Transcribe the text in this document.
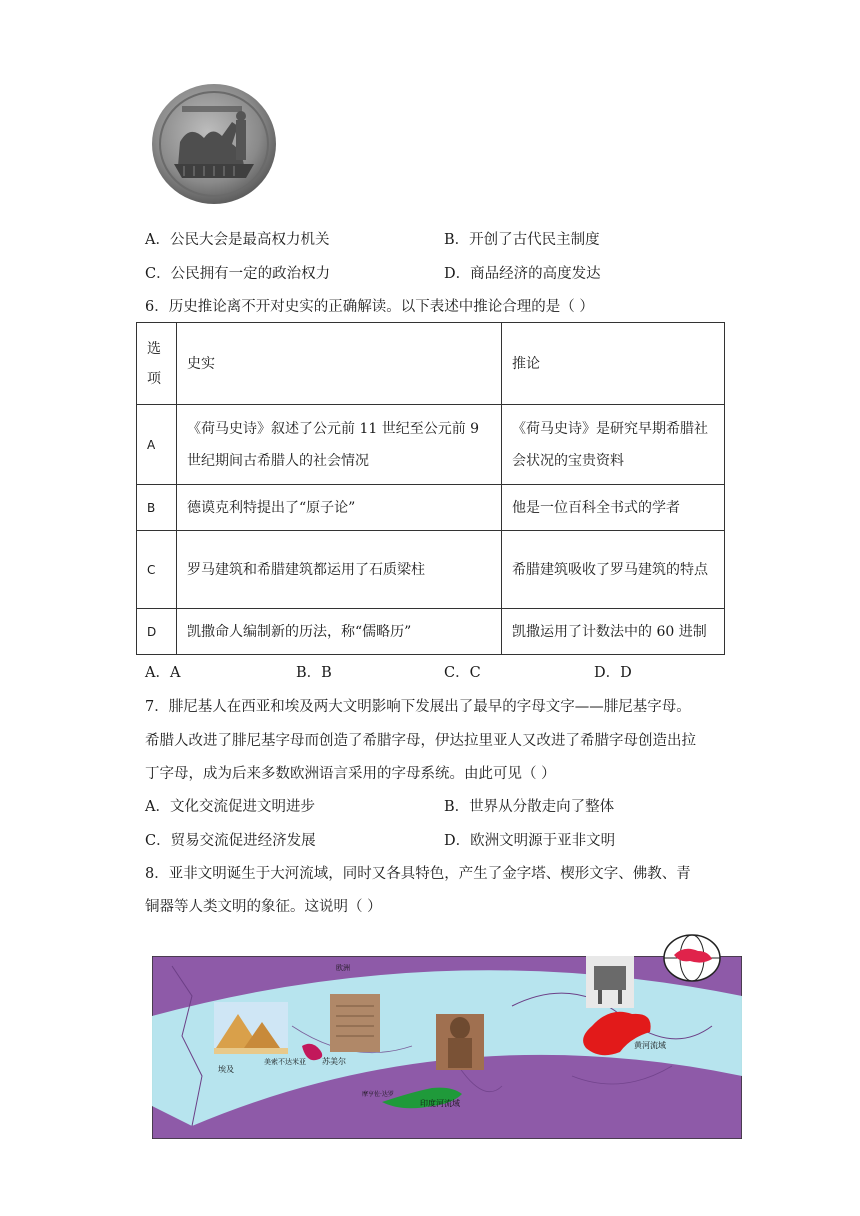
A．公民大会是最高权力机关	B．开创了古代民主制度
C．公民拥有一定的政治权力	D．商品经济的高度发达
6．历史推论离不开对史实的正确解读。以下表述中推论合理的是（ ）
选
项	史实	推论
A	《荷马史诗》叙述了公元前 11 世纪至公元前 9 世纪期间古希腊人的社会情况	《荷马史诗》是研究早期希腊社会状况的宝贵资料
B	德谟克利特提出了“原子论”	他是一位百科全书式的学者
C	罗马建筑和希腊建筑都运用了石质梁柱	希腊建筑吸收了罗马建筑的特点
D	凯撒命人编制新的历法，称“儒略历”	凯撒运用了计数法中的 60 进制
A．A	B．B	C．C	D．D
7．腓尼基人在西亚和埃及两大文明影响下发展出了最早的字母文字——腓尼基字母。
希腊人改进了腓尼基字母而创造了希腊字母，伊达拉里亚人又改进了希腊字母创造出拉
丁字母，成为后来多数欧洲语言采用的字母系统。由此可见（ ）
A．文化交流促进文明进步	B．世界从分散走向了整体
C．贸易交流促进经济发展	D．欧洲文明源于亚非文明
8．亚非文明诞生于大河流域，同时又各具特色，产生了金字塔、楔形文字、佛教、青
铜器等人类文明的象征。这说明（ ）
埃及
美索不达米亚 苏美尔
印度河流域
黄河流域
欧洲
摩亨佐·达罗
